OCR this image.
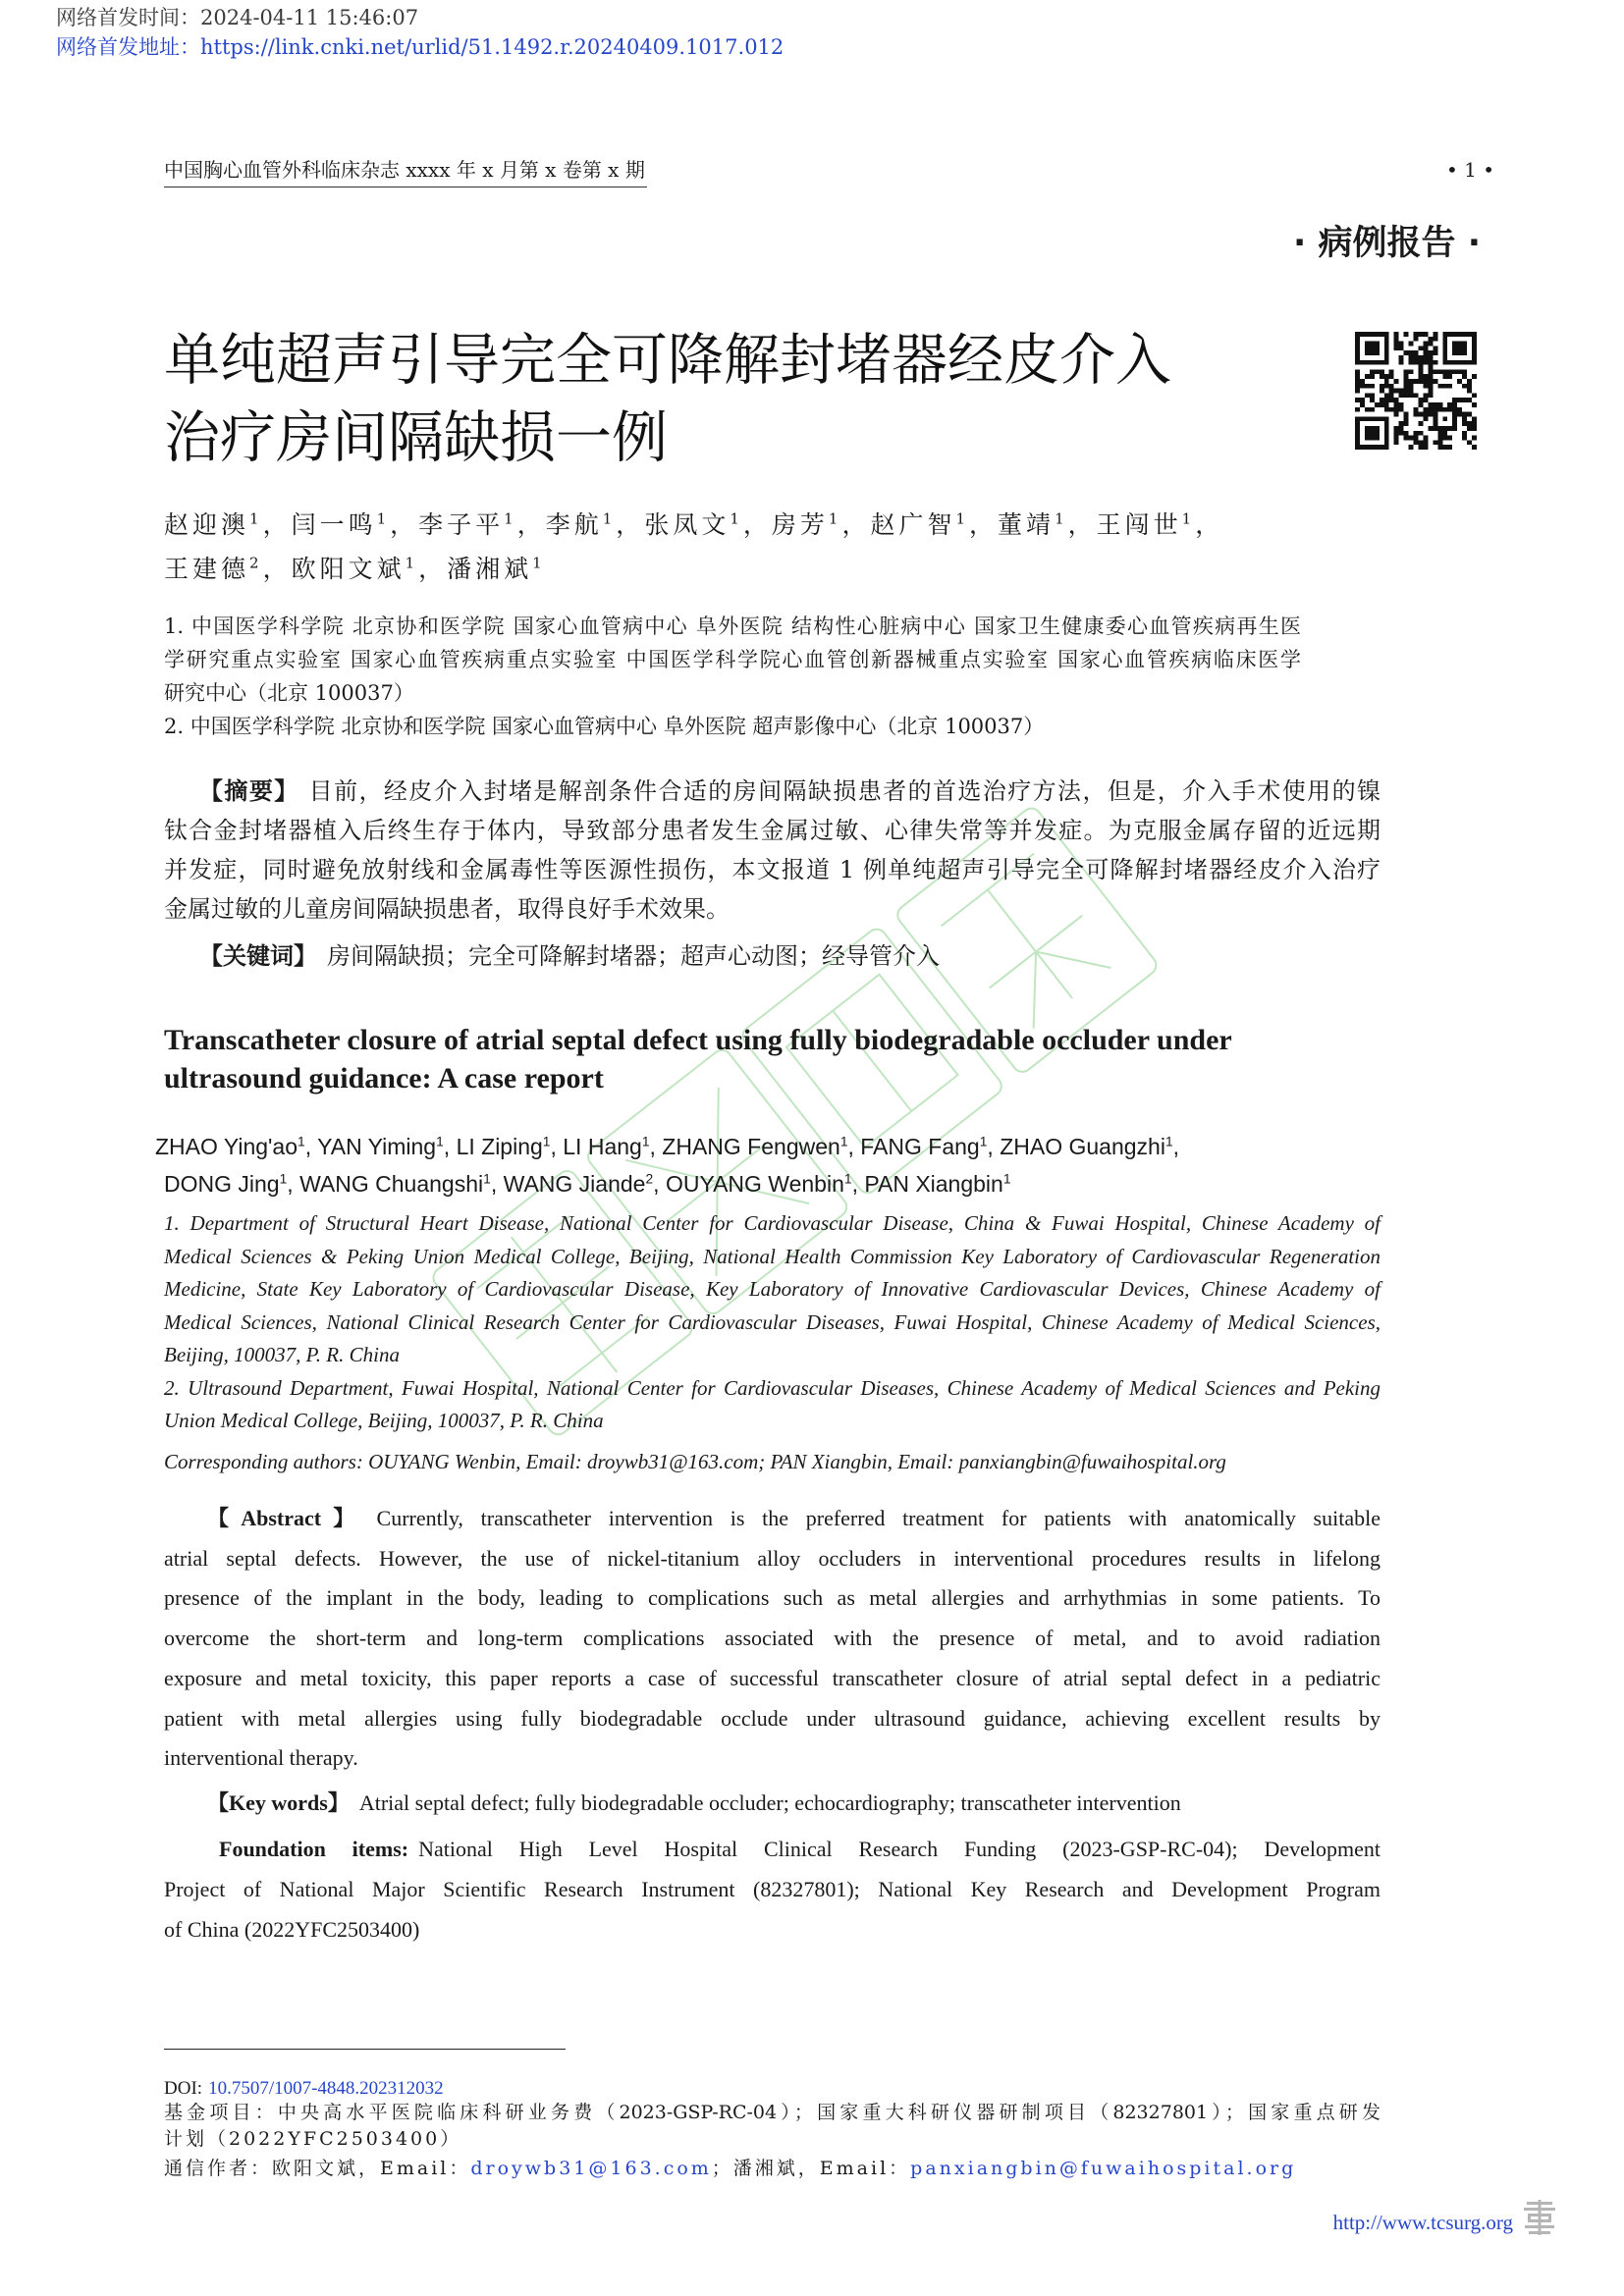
网络首发时间：2024-04-11 15:46:07
网络首发地址：https://link.cnki.net/urlid/51.1492.r.20240409.1017.012
中国胸心血管外科临床杂志 xxxx 年 x 月第 x 卷第 x 期	• 1 •
· 病例报告 ·
单纯超声引导完全可降解封堵器经皮介入
治疗房间隔缺损一例
赵迎澳$^1$，闫一鸣$^1$，李子平$^1$，李航$^1$，张凤文$^1$，房芳$^1$，赵广智$^1$，董靖$^1$，王闯世$^1$，
王建德$^2$，欧阳文斌$^1$，潘湘斌$^1$
1. 中国医学科学院 北京协和医学院 国家心血管病中心 阜外医院 结构性心脏病中心 国家卫生健康委心血管疾病再生医
学研究重点实验室 国家心血管疾病重点实验室 中国医学科学院心血管创新器械重点实验室 国家心血管疾病临床医学
研究中心（北京 100037）
2. 中国医学科学院 北京协和医学院 国家心血管病中心 阜外医院 超声影像中心（北京 100037）
【摘要】 目前，经皮介入封堵是解剖条件合适的房间隔缺损患者的首选治疗方法，但是，介入手术使用的镍
钛合金封堵器植入后终生存于体内，导致部分患者发生金属过敏、心律失常等并发症。为克服金属存留的近远期
并发症，同时避免放射线和金属毒性等医源性损伤，本文报道 1 例单纯超声引导完全可降解封堵器经皮介入治疗
金属过敏的儿童房间隔缺损患者，取得良好手术效果。
【关键词】 房间隔缺损；完全可降解封堵器；超声心动图；经导管介入
Transcatheter closure of atrial septal defect using fully biodegradable occluder under
ultrasound guidance: A case report
ZHAO $Ying'ao^1$, YAN Yiming$^1$, LI Ziping$^1$, LI Hang$^1$, ZHANG Fengwen$^1$, FANG Fang$^1$, ZHAO Guangzhi$^1$,
DONG Jing$^1$, WANG Chuangshi$^1$, WANG Jiande$^2$, OUYANG Wenbin$^1$, PAN Xiangbin$^1$
1. Department of Structural Heart Disease, National Center for Cardiovascular Disease, China & Fuwai Hospital, Chinese Academy of
Medical Sciences & Peking Union Medical College, Beijing, National Health Commission Key Laboratory of Cardiovascular Regeneration
Medicine, State Key Laboratory of Cardiovascular Disease, Key Laboratory of Innovative Cardiovascular Devices, Chinese Academy of
Medical Sciences, National Clinical Research Center for Cardiovascular Diseases, Fuwai Hospital, Chinese Academy of Medical Sciences,
Beijing, 100037, P. R. China
2. Ultrasound Department, Fuwai Hospital, National Center for Cardiovascular Diseases, Chinese Academy of Medical Sciences and Peking
Union Medical College, Beijing, 100037, P. R. China
Corresponding authors: OUYANG Wenbin, Email: droywb31@163.com; PAN Xiangbin, Email: panxiangbin@fuwaihospital.org
【Abstract】 Currently, transcatheter intervention is the preferred treatment for patients with anatomically suitable
atrial septal defects. However, the use of nickel-titanium alloy occluders in interventional procedures results in lifelong
presence of the implant in the body, leading to complications such as metal allergies and arrhythmias in some patients. To
overcome the short-term and long-term complications associated with the presence of metal, and to avoid radiation
exposure and metal toxicity, this paper reports a case of successful transcatheter closure of atrial septal defect in a pediatric
patient with metal allergies using fully biodegradable occlude under ultrasound guidance, achieving excellent results by
interventional therapy.
【Key words】 Atrial septal defect; fully biodegradable occluder; echocardiography; transcatheter intervention
Foundation items: National High Level Hospital Clinical Research Funding (2023-GSP-RC-04); Development
Project of National Major Scientific Research Instrument (82327801); National Key Research and Development Program
of China (2022YFC2503400)
DOI: 10.7507/1007-4848.202312032
基金项目：中央高水平医院临床科研业务费（2023-GSP-RC-04）；国家重大科研仪器研制项目（82327801）；国家重点研发
计划（2022YFC2503400）
通信作者：欧阳文斌，Email：droywb31@163.com；潘湘斌，Email：panxiangbin@fuwaihospital.org
http://www.tcsurg.org
